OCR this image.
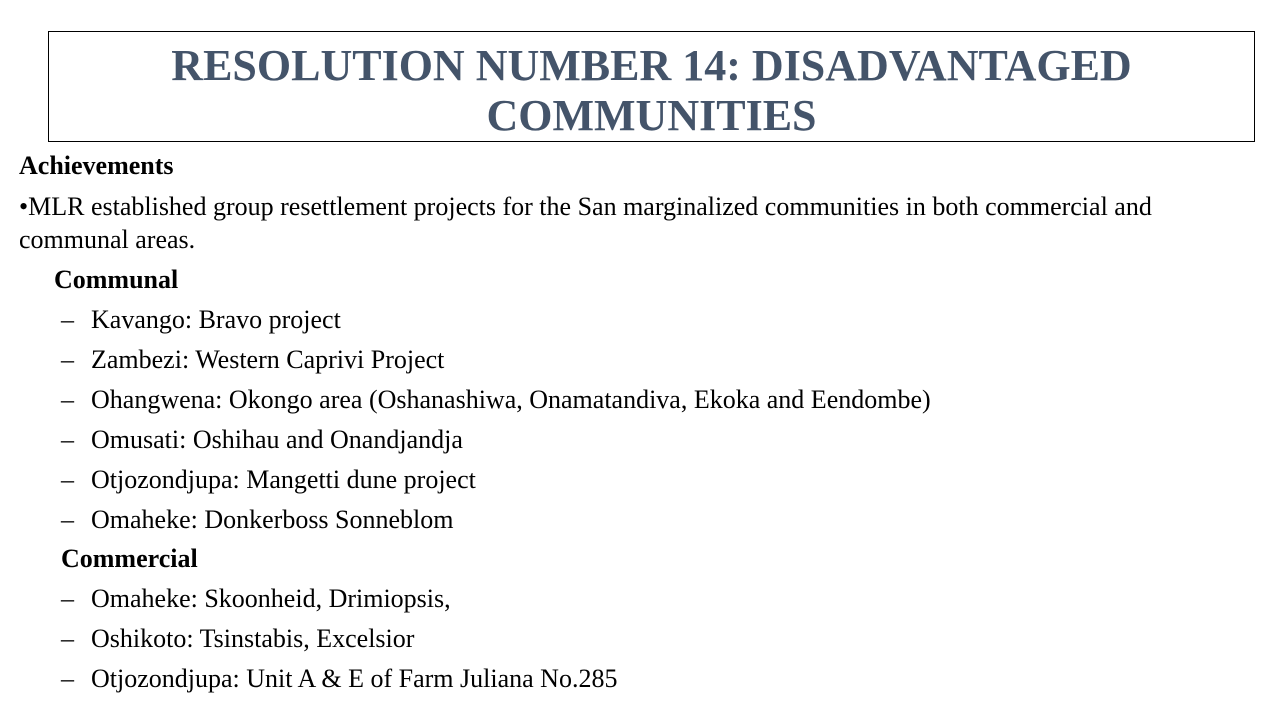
RESOLUTION NUMBER 14: DISADVANTAGED COMMUNITIES
Achievements
•MLR established group resettlement projects for the San marginalized communities in both commercial and communal areas.
Communal
– Kavango: Bravo project
– Zambezi: Western Caprivi Project
– Ohangwena: Okongo area (Oshanashiwa, Onamatandiva, Ekoka and Eendombe)
– Omusati: Oshihau and Onandjandja
– Otjozondjupa: Mangetti dune project
– Omaheke: Donkerboss Sonneblom
Commercial
– Omaheke: Skoonheid, Drimiopsis,
– Oshikoto: Tsinstabis, Excelsior
– Otjozondjupa: Unit A & E of Farm Juliana No.285
